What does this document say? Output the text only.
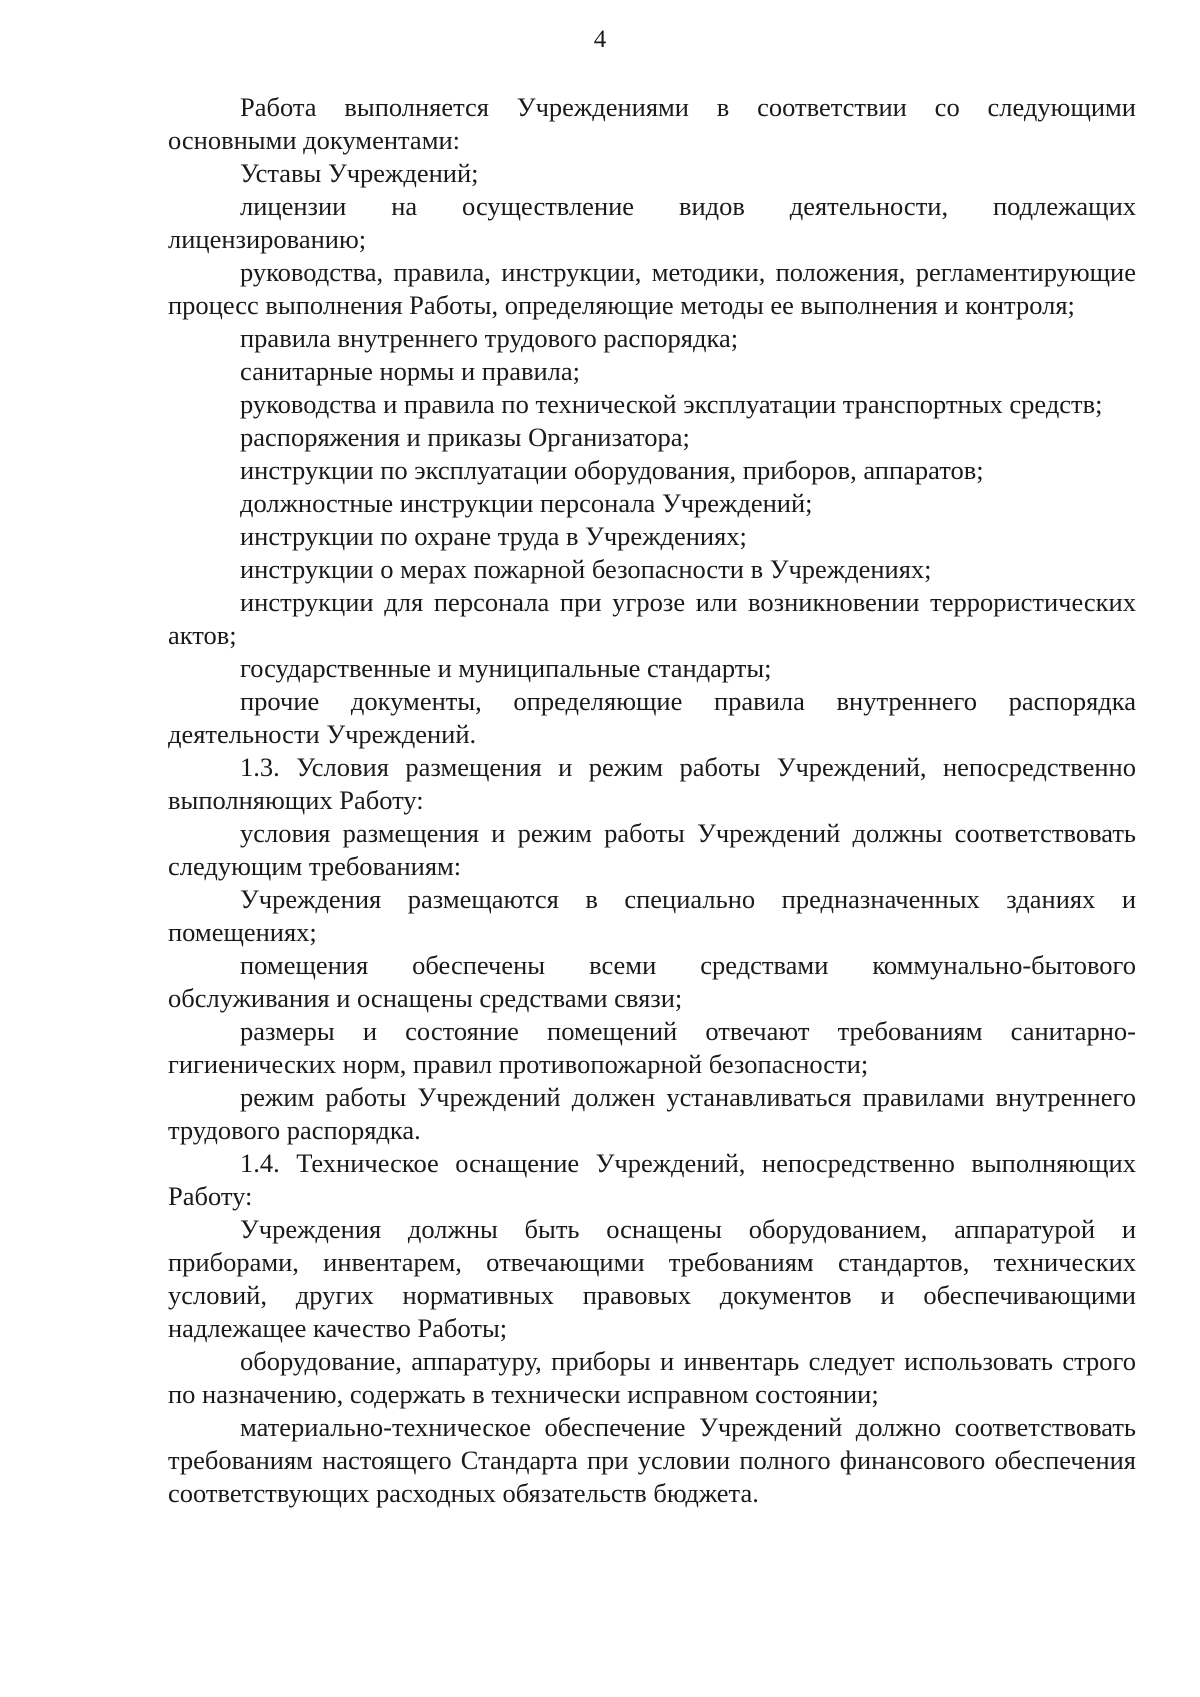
4

Работа выполняется Учреждениями в соответствии со следующими основными документами:

Уставы Учреждений;

лицензии на осуществление видов деятельности, подлежащих лицензированию;

руководства, правила, инструкции, методики, положения, регламентирующие процесс выполнения Работы, определяющие методы ее выполнения и контроля;

правила внутреннего трудового распорядка;

санитарные нормы и правила;

руководства и правила по технической эксплуатации транспортных средств;

распоряжения и приказы Организатора;

инструкции по эксплуатации оборудования, приборов, аппаратов;

должностные инструкции персонала Учреждений;

инструкции по охране труда в Учреждениях;

инструкции о мерах пожарной безопасности в Учреждениях;

инструкции для персонала при угрозе или возникновении террористических актов;

государственные и муниципальные стандарты;

прочие документы, определяющие правила внутреннего распорядка деятельности Учреждений.

1.3. Условия размещения и режим работы Учреждений, непосредственно выполняющих Работу:

условия размещения и режим работы Учреждений должны соответствовать следующим требованиям:

Учреждения размещаются в специально предназначенных зданиях и помещениях;

помещения обеспечены всеми средствами коммунально-бытового обслуживания и оснащены средствами связи;

размеры и состояние помещений отвечают требованиям санитарно-гигиенических норм, правил противопожарной безопасности;

режим работы Учреждений должен устанавливаться правилами внутреннего трудового распорядка.

1.4. Техническое оснащение Учреждений, непосредственно выполняющих Работу:

Учреждения должны быть оснащены оборудованием, аппаратурой и приборами, инвентарем, отвечающими требованиям стандартов, технических условий, других нормативных правовых документов и обеспечивающими надлежащее качество Работы;

оборудование, аппаратуру, приборы и инвентарь следует использовать строго по назначению, содержать в технически исправном состоянии;

материально-техническое обеспечение Учреждений должно соответствовать требованиям настоящего Стандарта при условии полного финансового обеспечения соответствующих расходных обязательств бюджета.
